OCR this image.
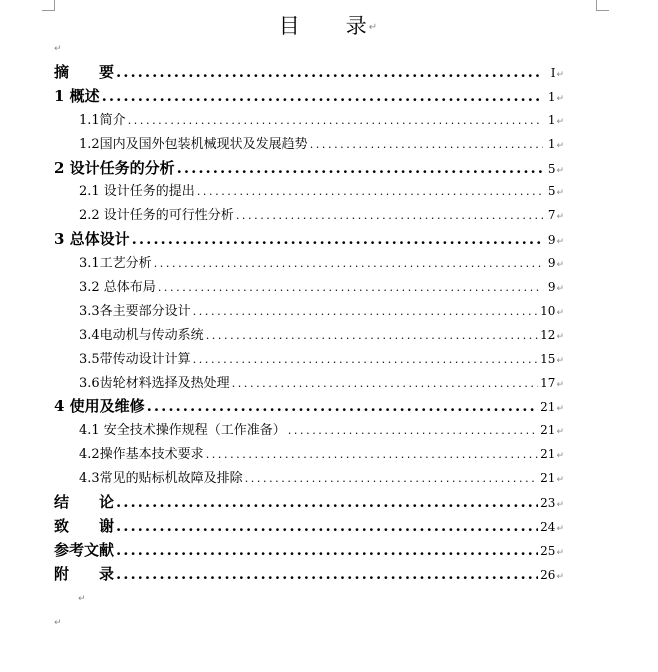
目 录↵
↵
摘　　要 .....	I ↵
1 概述 .....	1 ↵
1.1简介 .....	1 ↵
1.2国内及国外包装机械现状及发展趋势 .....	1 ↵
2 设计任务的分析 .....	5 ↵
2.1 设计任务的提出 .....	5 ↵
2.2 设计任务的可行性分析 .....	7 ↵
3 总体设计 .....	9 ↵
3.1工艺分析 .....	9 ↵
3.2 总体布局 .....	9 ↵
3.3各主要部分设计 .....	10 ↵
3.4电动机与传动系统 .....	12 ↵
3.5带传动设计计算 .....	15 ↵
3.6齿轮材料选择及热处理 .....	17 ↵
4 使用及维修 .....	21 ↵
4.1 安全技术操作规程（工作准备） .....	21 ↵
4.2操作基本技术要求 .....	21 ↵
4.3常见的贴标机故障及排除 .....	21 ↵
结　　论 .....	23 ↵
致　　谢 .....	24 ↵
参考文献 .....	25 ↵
附　　录 .....	26 ↵
↵
↵
